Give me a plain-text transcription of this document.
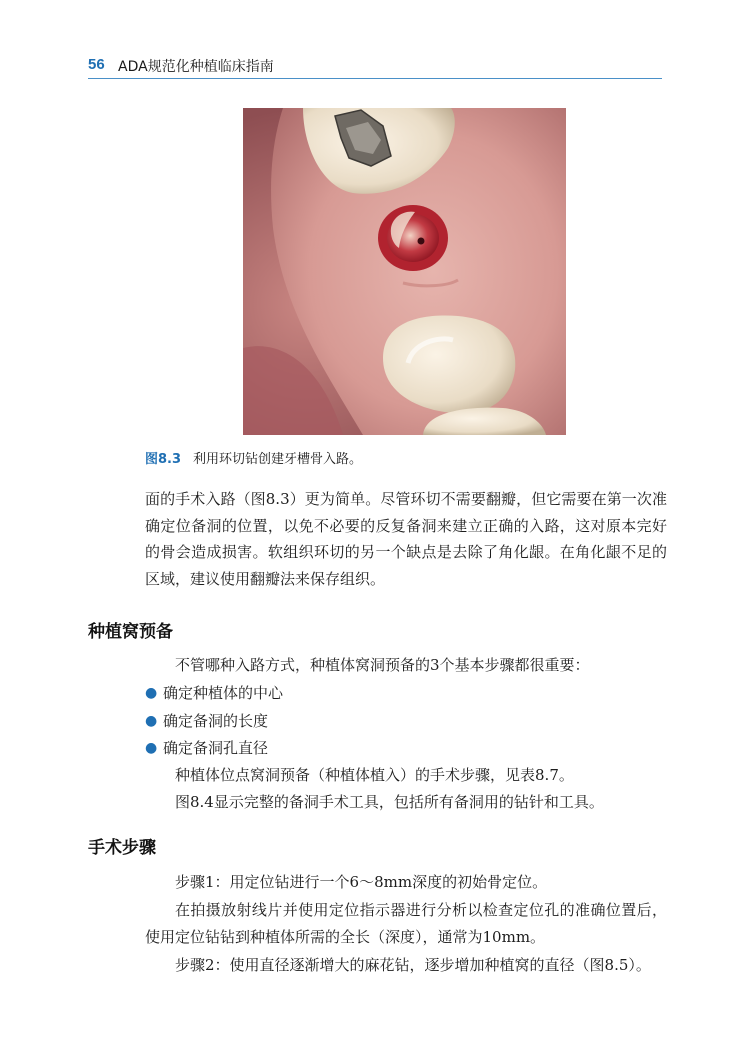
56 ADA规范化种植临床指南
图8.3 利用环切钻创建牙槽骨入路。

面的手术入路（图8.3）更为简单。尽管环切不需要翻瓣，但它需要在第一次准确定位备洞的位置，以免不必要的反复备洞来建立正确的入路，这对原本完好的骨会造成损害。软组织环切的另一个缺点是去除了角化龈。在角化龈不足的区域，建议使用翻瓣法来保存组织。

种植窝预备

不管哪种入路方式，种植体窝洞预备的3个基本步骤都很重要：

● 确定种植体的中心
● 确定备洞的长度
● 确定备洞孔直径

种植体位点窝洞预备（种植体植入）的手术步骤，见表8.7。

图8.4显示完整的备洞手术工具，包括所有备洞用的钻针和工具。

手术步骤

步骤1：用定位钻进行一个6～8mm深度的初始骨定位。

在拍摄放射线片并使用定位指示器进行分析以检查定位孔的准确位置后，使用定位钻钻到种植体所需的全长（深度），通常为10mm。

步骤2：使用直径逐渐增大的麻花钻，逐步增加种植窝的直径（图8.5）。
